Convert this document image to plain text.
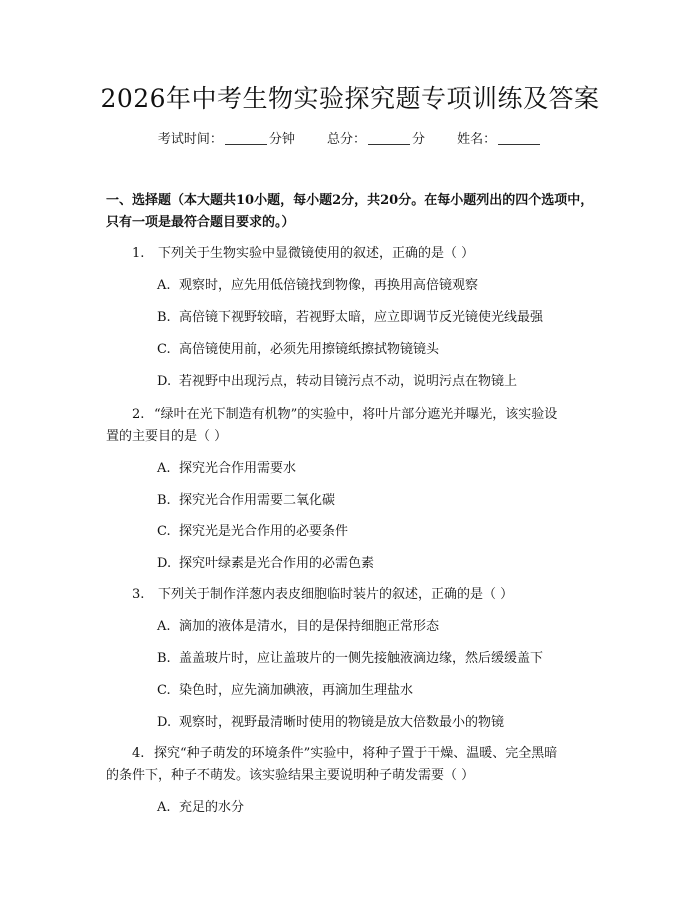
2026年中考生物实验探究题专项训练及答案
考试时间：	分钟 总分：	分 姓名：
一、选择题（本大题共10小题，每小题2分，共20分。在每小题列出的四个选项中，只有一项是最符合题目要求的。）
1. 下列关于生物实验中显微镜使用的叙述，正确的是（ ）
A. 观察时，应先用低倍镜找到物像，再换用高倍镜观察
B. 高倍镜下视野较暗，若视野太暗，应立即调节反光镜使光线最强
C. 高倍镜使用前，必须先用擦镜纸擦拭物镜镜头
D. 若视野中出现污点，转动目镜污点不动，说明污点在物镜上
2. “绿叶在光下制造有机物”的实验中，将叶片部分遮光并曝光，该实验设
置的主要目的是（ ）
A. 探究光合作用需要水
B. 探究光合作用需要二氧化碳
C. 探究光是光合作用的必要条件
D. 探究叶绿素是光合作用的必需色素
3. 下列关于制作洋葱内表皮细胞临时装片的叙述，正确的是（ ）
A. 滴加的液体是清水，目的是保持细胞正常形态
B. 盖盖玻片时，应让盖玻片的一侧先接触液滴边缘，然后缓缓盖下
C. 染色时，应先滴加碘液，再滴加生理盐水
D. 观察时，视野最清晰时使用的物镜是放大倍数最小的物镜
4. 探究“种子萌发的环境条件”实验中，将种子置于干燥、温暖、完全黑暗
的条件下，种子不萌发。该实验结果主要说明种子萌发需要（ ）
A. 充足的水分
